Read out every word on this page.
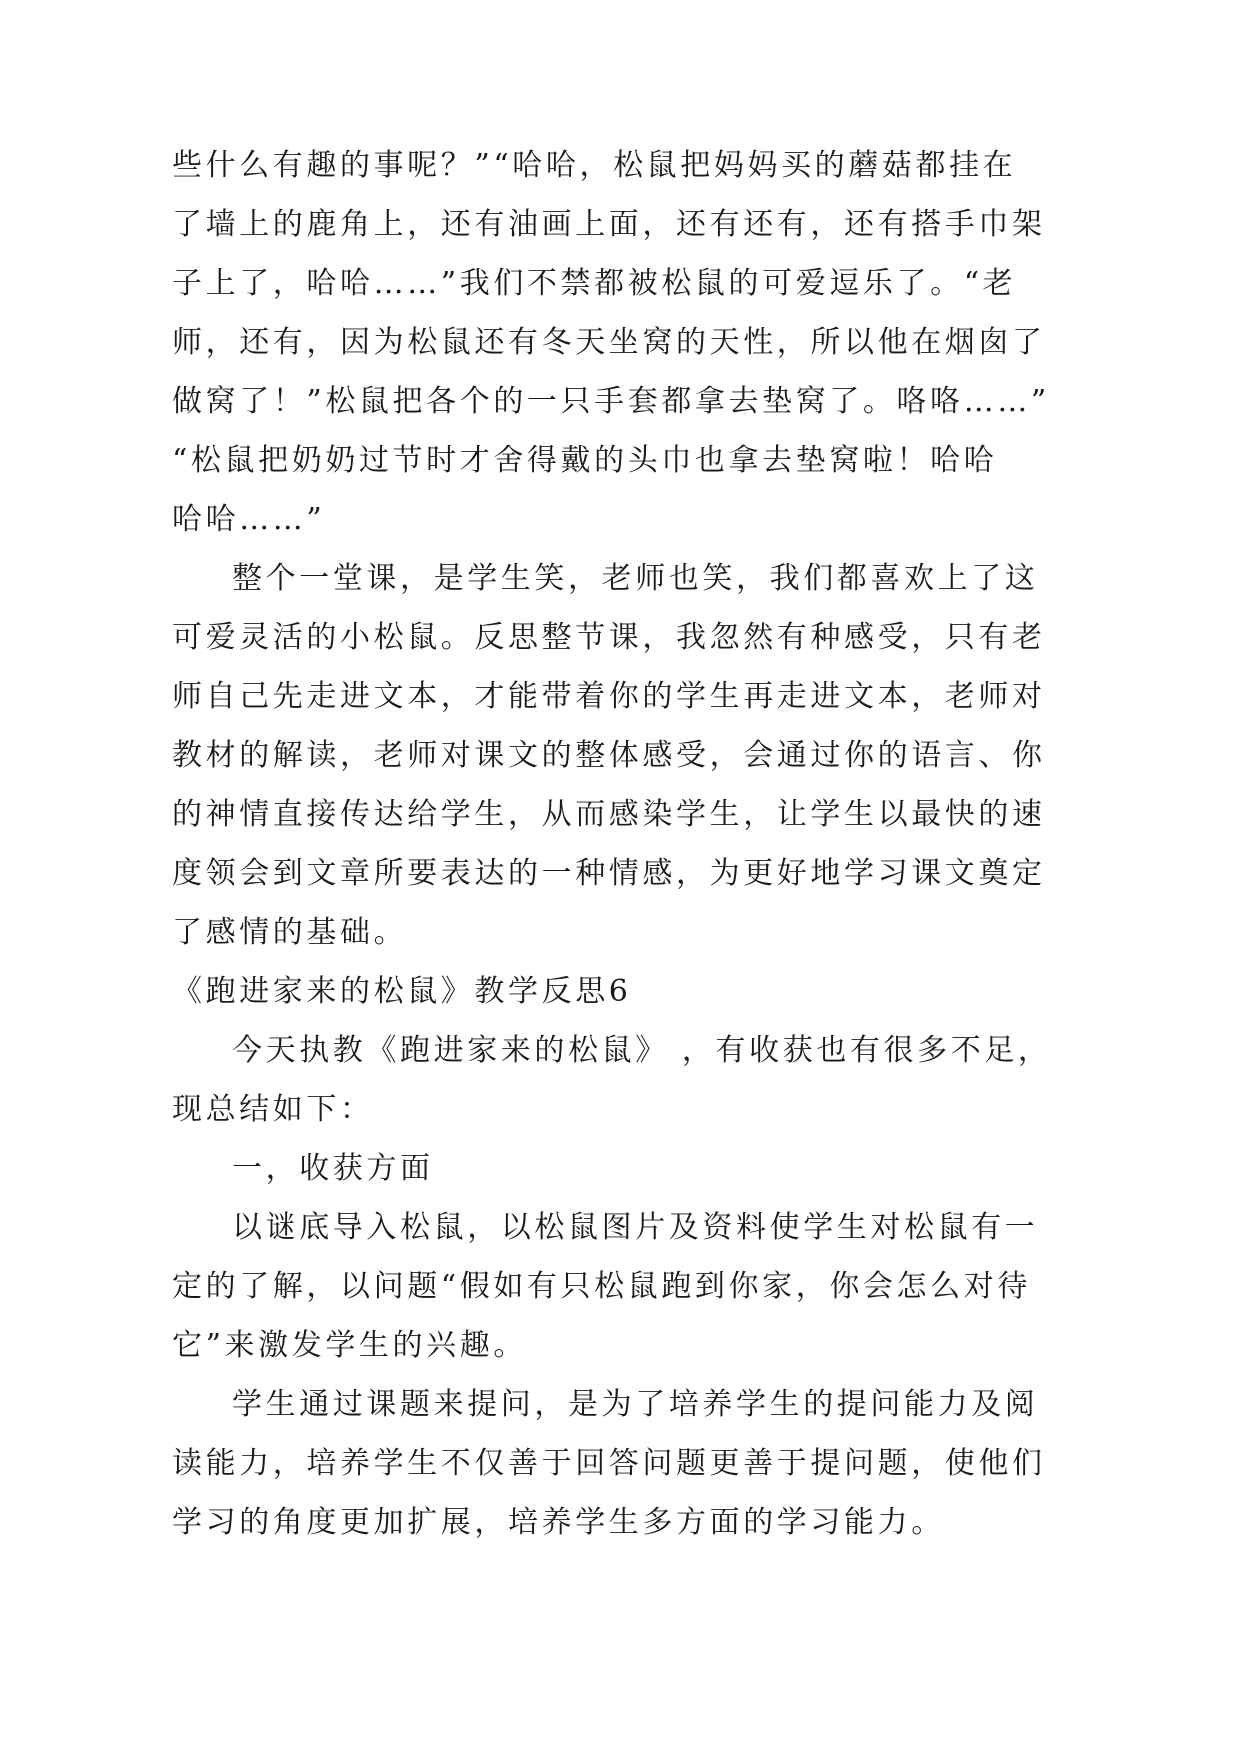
些什么有趣的事呢？”“哈哈，松鼠把妈妈买的蘑菇都挂在
了墙上的鹿角上，还有油画上面，还有还有，还有搭手巾架
子上了，哈哈……”我们不禁都被松鼠的可爱逗乐了。“老
师，还有，因为松鼠还有冬天坐窝的天性，所以他在烟囱了
做窝了！”松鼠把各个的一只手套都拿去垫窝了。咯咯……”
“松鼠把奶奶过节时才舍得戴的头巾也拿去垫窝啦！哈哈
哈哈……”
整个一堂课，是学生笑，老师也笑，我们都喜欢上了这
可爱灵活的小松鼠。反思整节课，我忽然有种感受，只有老
师自己先走进文本，才能带着你的学生再走进文本，老师对
教材的解读，老师对课文的整体感受，会通过你的语言、你
的神情直接传达给学生，从而感染学生，让学生以最快的速
度领会到文章所要表达的一种情感，为更好地学习课文奠定
了感情的基础。
《跑进家来的松鼠》教学反思6
今天执教《跑进家来的松鼠》 ，有收获也有很多不足，
现总结如下：
一，收获方面
以谜底导入松鼠，以松鼠图片及资料使学生对松鼠有一
定的了解，以问题“假如有只松鼠跑到你家，你会怎么对待
它”来激发学生的兴趣。
学生通过课题来提问，是为了培养学生的提问能力及阅
读能力，培养学生不仅善于回答问题更善于提问题，使他们
学习的角度更加扩展，培养学生多方面的学习能力。
